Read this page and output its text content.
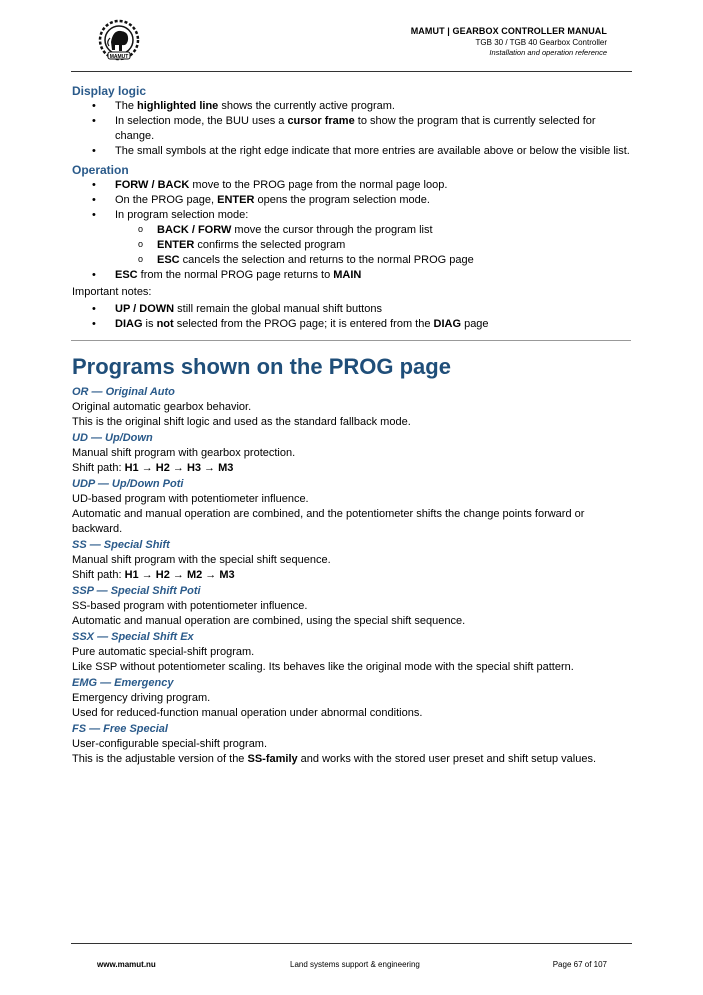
MAMUT
MAMUT | GEARBOX CONTROLLER MANUAL
TGB 30 / TGB 40 Gearbox Controller
Installation and operation reference
Display logic
• The highlighted line shows the currently active program.
• In selection mode, the BUU uses a cursor frame to show the program that is currently selected for change.
• The small symbols at the right edge indicate that more entries are available above or below the visible list.
Operation
• FORW / BACK move to the PROG page from the normal page loop.
• On the PROG page, ENTER opens the program selection mode.
• In program selection mode:
o BACK / FORW move the cursor through the program list
o ENTER confirms the selected program
o ESC cancels the selection and returns to the normal PROG page
• ESC from the normal PROG page returns to MAIN
Important notes:
• UP / DOWN still remain the global manual shift buttons
• DIAG is not selected from the PROG page; it is entered from the DIAG page
Programs shown on the PROG page
OR — Original Auto
Original automatic gearbox behavior.
This is the original shift logic and used as the standard fallback mode.
UD — Up/Down
Manual shift program with gearbox protection.
Shift path: H1 → H2 → H3 → M3
UDP — Up/Down Poti
UD-based program with potentiometer influence.
Automatic and manual operation are combined, and the potentiometer shifts the change points forward or backward.
SS — Special Shift
Manual shift program with the special shift sequence.
Shift path: H1 → H2 → M2 → M3
SSP — Special Shift Poti
SS-based program with potentiometer influence.
Automatic and manual operation are combined, using the special shift sequence.
SSX — Special Shift Ex
Pure automatic special-shift program.
Like SSP without potentiometer scaling. Its behaves like the original mode with the special shift pattern.
EMG — Emergency
Emergency driving program.
Used for reduced-function manual operation under abnormal conditions.
FS — Free Special
User-configurable special-shift program.
This is the adjustable version of the SS-family and works with the stored user preset and shift setup values.
www.mamut.nu	Land systems support & engineering	Page 67 of 107
